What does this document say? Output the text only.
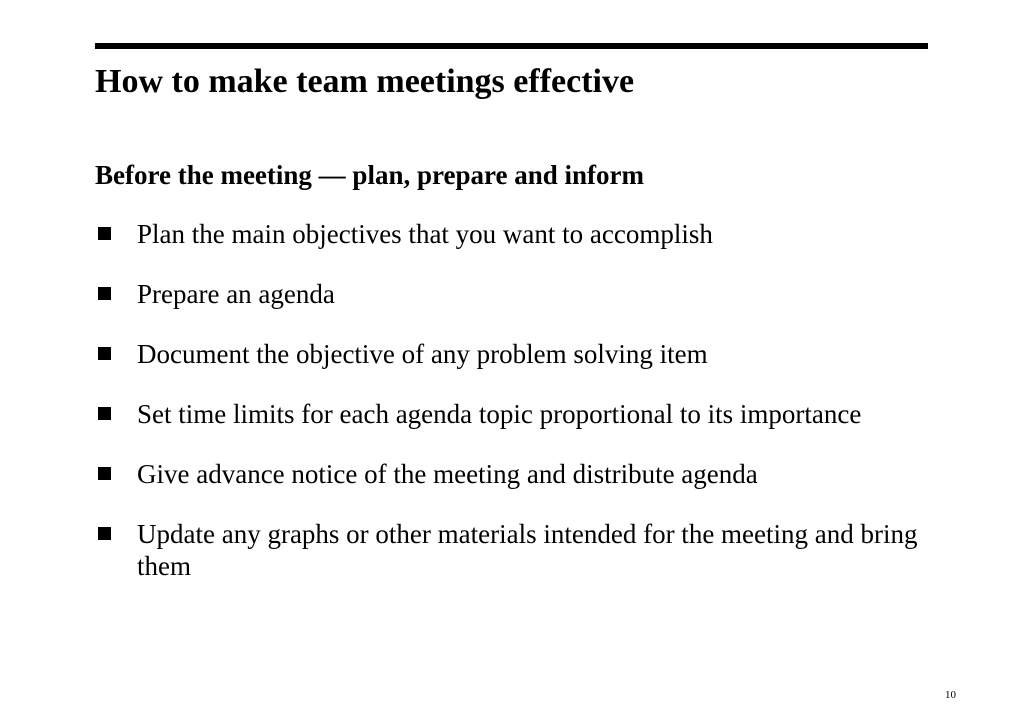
How to make team meetings effective
Before the meeting — plan, prepare and inform
Plan the main objectives that you want to accomplish
Prepare an agenda
Document the objective of any problem solving item
Set time limits for each agenda topic proportional to its importance
Give advance notice of the meeting and distribute agenda
Update any graphs or other materials intended for the meeting and bring them
10
